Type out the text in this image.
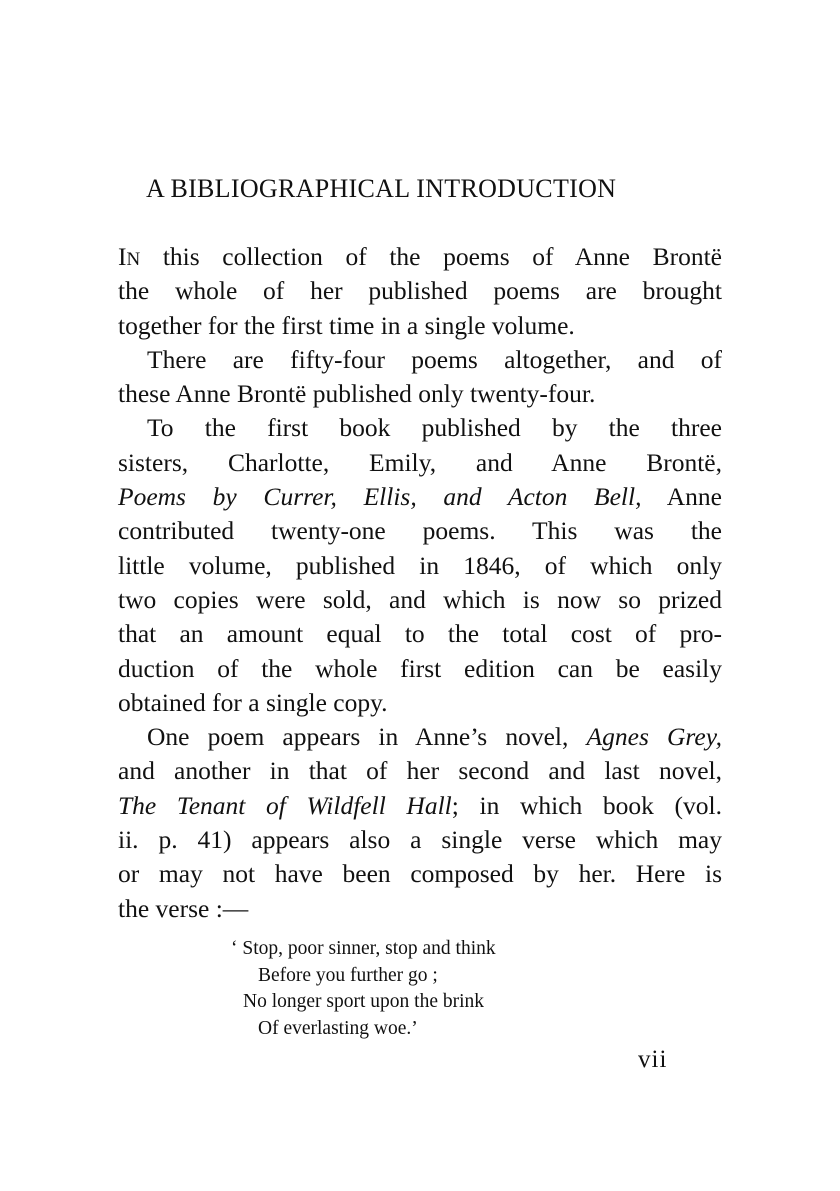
A BIBLIOGRAPHICAL INTRODUCTION
IN this collection of the poems of Anne Brontë
the whole of her published poems are brought
together for the first time in a single volume.
There are fifty-four poems altogether, and of
these Anne Brontë published only twenty-four.
To the first book published by the three
sisters, Charlotte, Emily, and Anne Brontë,
Poems by Currer, Ellis, and Acton Bell, Anne
contributed twenty-one poems. This was the
little volume, published in 1846, of which only
two copies were sold, and which is now so prized
that an amount equal to the total cost of pro-
duction of the whole first edition can be easily
obtained for a single copy.
One poem appears in Anne’s novel, Agnes Grey,
and another in that of her second and last novel,
The Tenant of Wildfell Hall; in which book (vol.
ii. p. 41) appears also a single verse which may
or may not have been composed by her. Here is
the verse :—
‘ Stop, poor sinner, stop and think
Before you further go ;
No longer sport upon the brink
Of everlasting woe.’
vii
